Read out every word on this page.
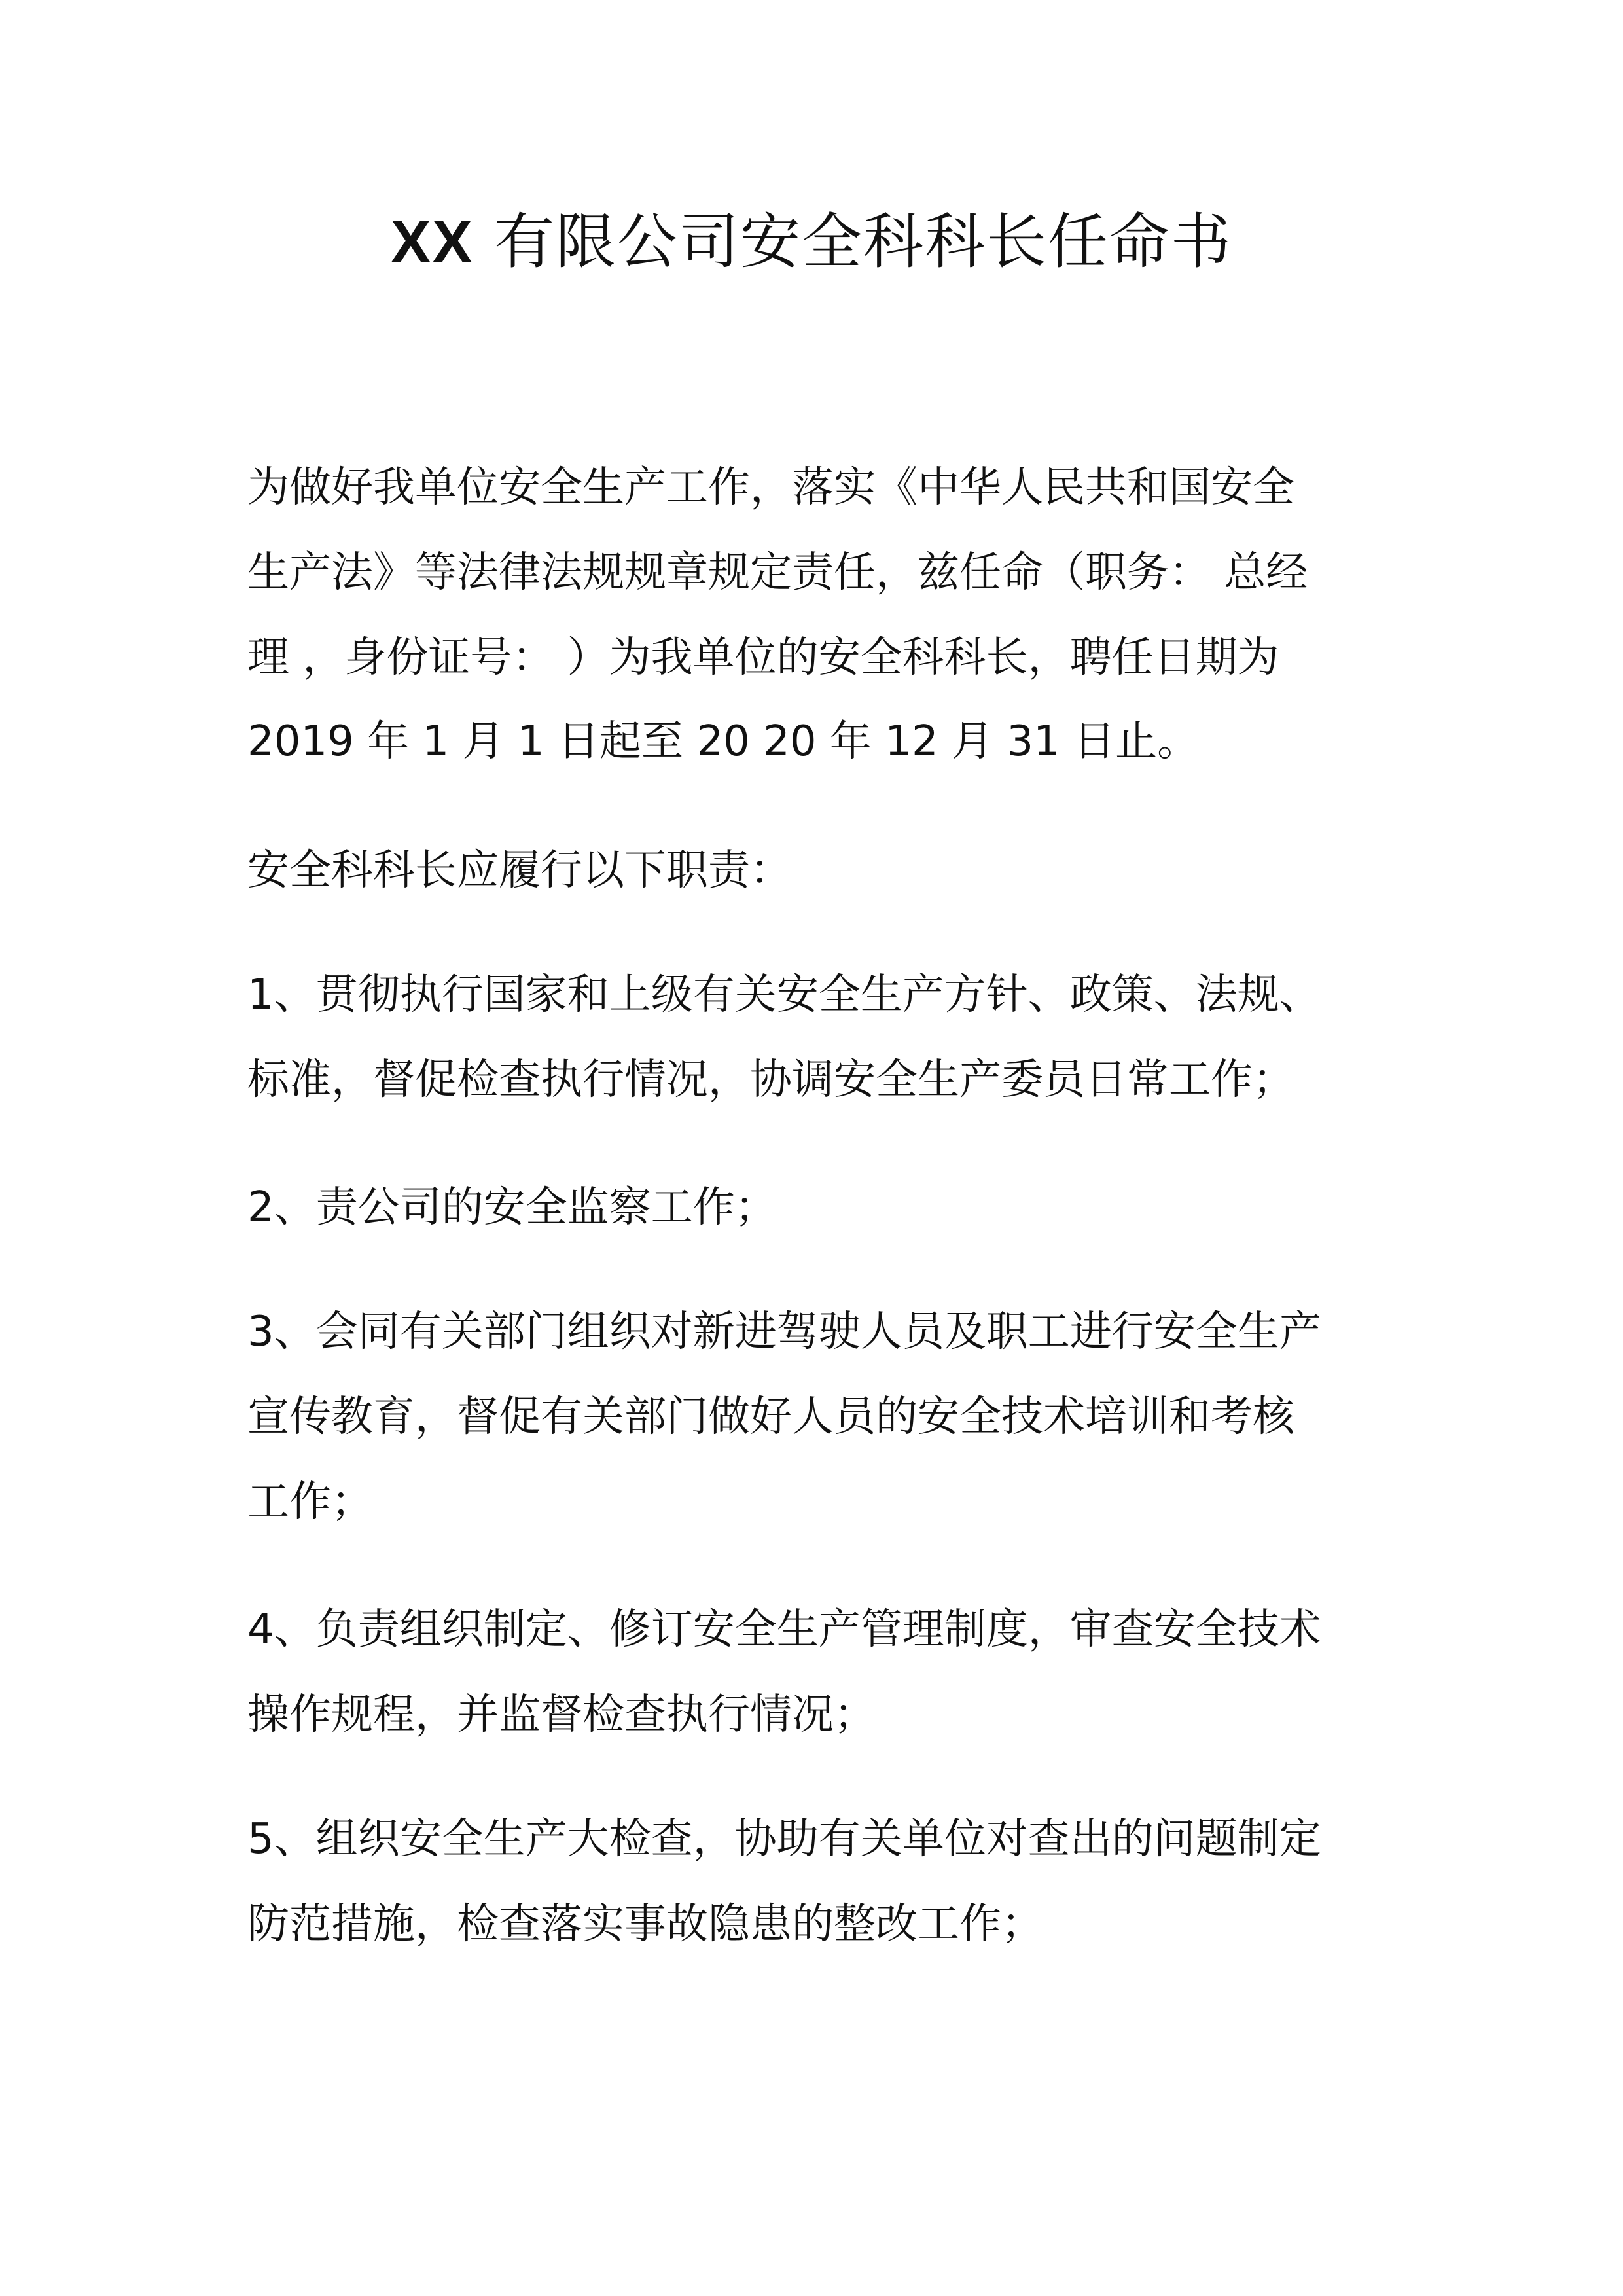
XX 有限公司安全科科长任命书
为做好我单位安全生产工作，落实《中华人民共和国安全
生产法》等法律法规规章规定责任，兹任命（职务： 总经
理 ，身份证号： ）为我单位的安全科科长，聘任日期为
2019 年 1 月 1 日起至 20 20 年 12 月 31 日止。
安全科科长应履行以下职责：
1、贯彻执行国家和上级有关安全生产方针、政策、法规、
标准，督促检查执行情况，协调安全生产委员日常工作；
2、责公司的安全监察工作；
3、会同有关部门组织对新进驾驶人员及职工进行安全生产
宣传教育，督促有关部门做好人员的安全技术培训和考核
工作；
4、负责组织制定、修订安全生产管理制度，审查安全技术
操作规程，并监督检查执行情况；
5、组织安全生产大检查，协助有关单位对查出的问题制定
防范措施，检查落实事故隐患的整改工作；
